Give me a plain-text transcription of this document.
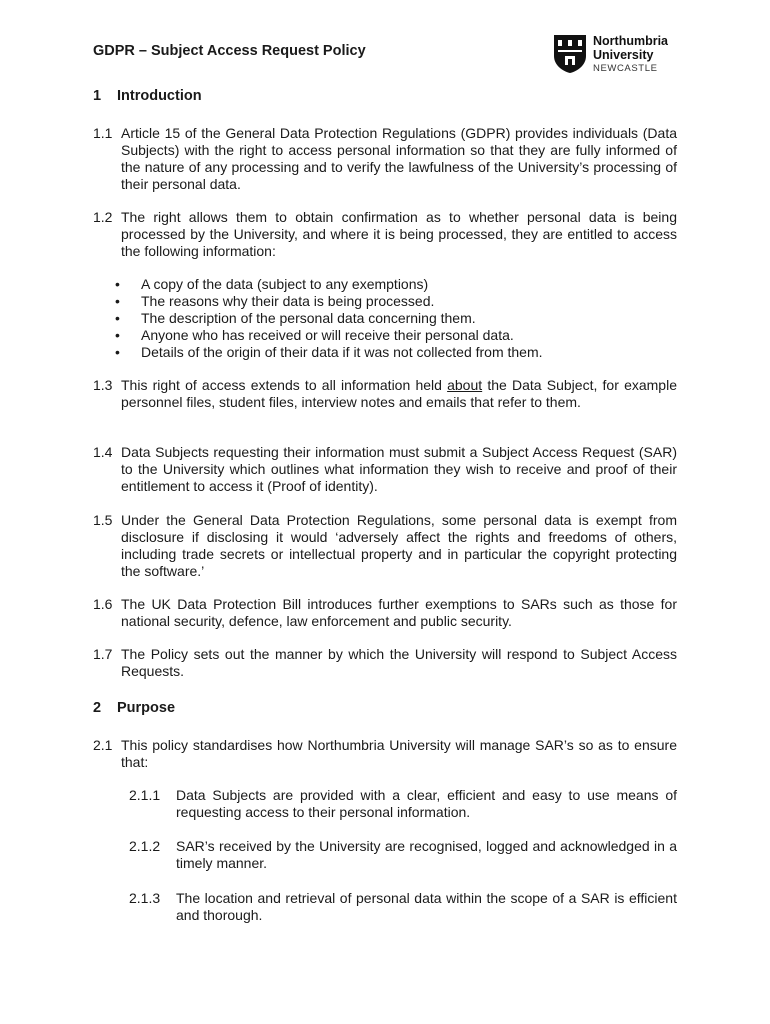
GDPR – Subject Access Request Policy
Northumbria
University
NEWCASTLE
1 Introduction
1.1 Article 15 of the General Data Protection Regulations (GDPR) provides individuals (Data Subjects) with the right to access personal information so that they are fully informed of the nature of any processing and to verify the lawfulness of the University’s processing of their personal data.
1.2 The right allows them to obtain confirmation as to whether personal data is being processed by the University, and where it is being processed, they are entitled to access the following information:
• A copy of the data (subject to any exemptions)
• The reasons why their data is being processed.
• The description of the personal data concerning them.
• Anyone who has received or will receive their personal data.
• Details of the origin of their data if it was not collected from them.
1.3 This right of access extends to all information held about the Data Subject, for example personnel files, student files, interview notes and emails that refer to them.
1.4 Data Subjects requesting their information must submit a Subject Access Request (SAR) to the University which outlines what information they wish to receive and proof of their entitlement to access it (Proof of identity).
1.5 Under the General Data Protection Regulations, some personal data is exempt from disclosure if disclosing it would ‘adversely affect the rights and freedoms of others, including trade secrets or intellectual property and in particular the copyright protecting the software.’
1.6 The UK Data Protection Bill introduces further exemptions to SARs such as those for national security, defence, law enforcement and public security.
1.7 The Policy sets out the manner by which the University will respond to Subject Access Requests.
2 Purpose
2.1 This policy standardises how Northumbria University will manage SAR’s so as to ensure that:
2.1.1 Data Subjects are provided with a clear, efficient and easy to use means of requesting access to their personal information.
2.1.2 SAR’s received by the University are recognised, logged and acknowledged in a timely manner.
2.1.3 The location and retrieval of personal data within the scope of a SAR is efficient and thorough.
